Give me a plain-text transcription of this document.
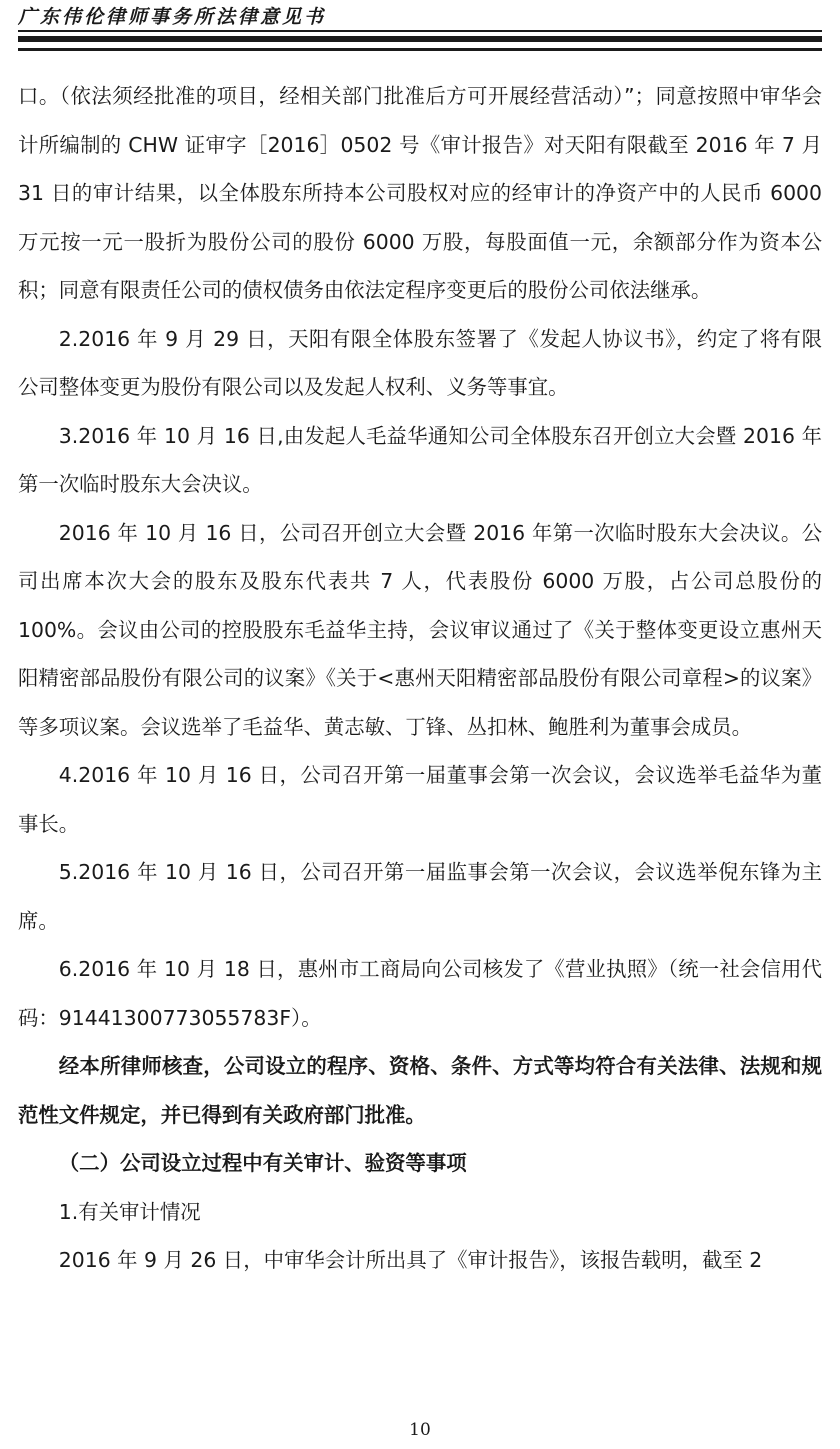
广东伟伦律师事务所法律意见书

口。（依法须经批准的项目，经相关部门批准后方可开展经营活动）”；同意按照中审华会计所编制的 CHW 证审字［2016］0502 号《审计报告》对天阳有限截至 2016 年 7 月 31 日的审计结果，以全体股东所持本公司股权对应的经审计的净资产中的人民币 6000 万元按一元一股折为股份公司的股份 6000 万股，每股面值一元，余额部分作为资本公积；同意有限责任公司的债权债务由依法定程序变更后的股份公司依法继承。

2.2016 年 9 月 29 日，天阳有限全体股东签署了《发起人协议书》，约定了将有限公司整体变更为股份有限公司以及发起人权利、义务等事宜。

3.2016 年 10 月 16 日,由发起人毛益华通知公司全体股东召开创立大会暨 2016 年第一次临时股东大会决议。

2016 年 10 月 16 日，公司召开创立大会暨 2016 年第一次临时股东大会决议。公司出席本次大会的股东及股东代表共 7 人，代表股份 6000 万股，占公司总股份的 100%。会议由公司的控股股东毛益华主持，会议审议通过了《关于整体变更设立惠州天阳精密部品股份有限公司的议案》《关于<惠州天阳精密部品股份有限公司章程>的议案》等多项议案。会议选举了毛益华、黄志敏、丁锋、丛扣林、鲍胜利为董事会成员。

4.2016 年 10 月 16 日，公司召开第一届董事会第一次会议，会议选举毛益华为董事长。

5.2016 年 10 月 16 日，公司召开第一届监事会第一次会议，会议选举倪东锋为主席。

6.2016 年 10 月 18 日，惠州市工商局向公司核发了《营业执照》（统一社会信用代码：91441300773055783F）。

经本所律师核查，公司设立的程序、资格、条件、方式等均符合有关法律、法规和规范性文件规定，并已得到有关政府部门批准。

（二）公司设立过程中有关审计、验资等事项

1.有关审计情况

2016 年 9 月 26 日，中审华会计所出具了《审计报告》，该报告载明，截至 2

10
